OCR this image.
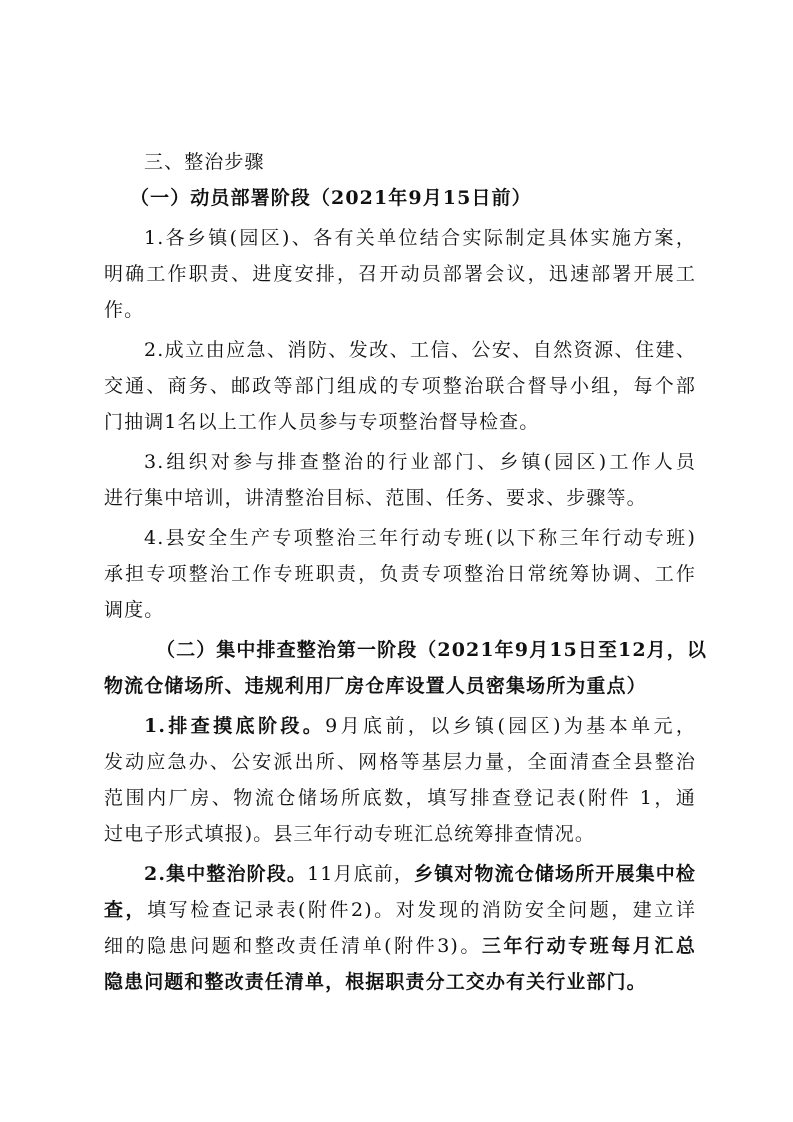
三、整治步骤
（一）动员部署阶段（2021年9月15日前）
1.各乡镇(园区)、各有关单位结合实际制定具体实施方案，
明确工作职责、进度安排，召开动员部署会议，迅速部署开展工
作。
2.成立由应急、消防、发改、工信、公安、自然资源、住建、
交通、商务、邮政等部门组成的专项整治联合督导小组，每个部
门抽调1名以上工作人员参与专项整治督导检查。
3.组织对参与排查整治的行业部门、乡镇(园区)工作人员
进行集中培训，讲清整治目标、范围、任务、要求、步骤等。
4.县安全生产专项整治三年行动专班(以下称三年行动专班)
承担专项整治工作专班职责，负责专项整治日常统筹协调、工作
调度。
（二）集中排查整治第一阶段（2021年9月15日至12月，以
物流仓储场所、违规利用厂房仓库设置人员密集场所为重点）
1.排查摸底阶段。9月底前，以乡镇(园区)为基本单元，
发动应急办、公安派出所、网格等基层力量，全面清查全县整治
范围内厂房、物流仓储场所底数，填写排查登记表(附件 1，通
过电子形式填报)。县三年行动专班汇总统筹排查情况。
2.集中整治阶段。11月底前，乡镇对物流仓储场所开展集中检
查，填写检查记录表(附件2)。对发现的消防安全问题，建立详
细的隐患问题和整改责任清单(附件3)。三年行动专班每月汇总
隐患问题和整改责任清单，根据职责分工交办有关行业部门。
